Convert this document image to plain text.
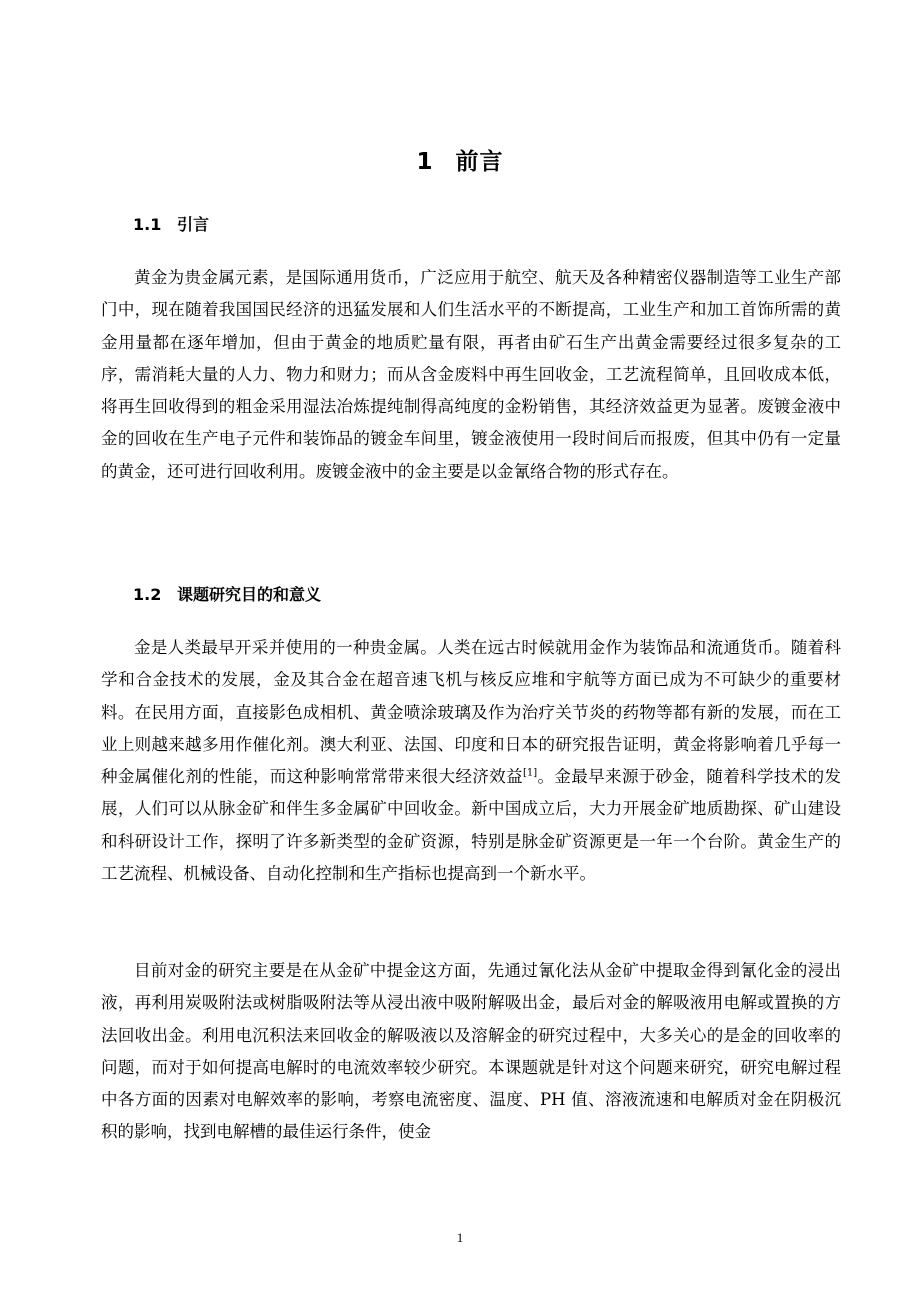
1 前言
1.1 引言

黄金为贵金属元素，是国际通用货币，广泛应用于航空、航天及各种精密仪器制造等工业生产部门中，现在随着我国国民经济的迅猛发展和人们生活水平的不断提高，工业生产和加工首饰所需的黄金用量都在逐年增加，但由于黄金的地质贮量有限，再者由矿石生产出黄金需要经过很多复杂的工序，需消耗大量的人力、物力和财力；而从含金废料中再生回收金，工艺流程简单，且回收成本低，将再生回收得到的粗金采用湿法冶炼提纯制得高纯度的金粉销售，其经济效益更为显著。废镀金液中金的回收在生产电子元件和装饰品的镀金车间里，镀金液使用一段时间后而报废，但其中仍有一定量的黄金，还可进行回收利用。废镀金液中的金主要是以金氰络合物的形式存在。

1.2 课题研究目的和意义

金是人类最早开采并使用的一种贵金属。人类在远古时候就用金作为装饰品和流通货币。随着科学和合金技术的发展，金及其合金在超音速飞机与核反应堆和宇航等方面已成为不可缺少的重要材料。在民用方面，直接影色成相机、黄金喷涂玻璃及作为治疗关节炎的药物等都有新的发展，而在工业上则越来越多用作催化剂。澳大利亚、法国、印度和日本的研究报告证明，黄金将影响着几乎每一种金属催化剂的性能，而这种影响常常带来很大经济效益[1]。金最早来源于砂金，随着科学技术的发展，人们可以从脉金矿和伴生多金属矿中回收金。新中国成立后，大力开展金矿地质勘探、矿山建设和科研设计工作，探明了许多新类型的金矿资源，特别是脉金矿资源更是一年一个台阶。黄金生产的工艺流程、机械设备、自动化控制和生产指标也提高到一个新水平。

目前对金的研究主要是在从金矿中提金这方面，先通过氰化法从金矿中提取金得到氰化金的浸出液，再利用炭吸附法或树脂吸附法等从浸出液中吸附解吸出金，最后对金的解吸液用电解或置换的方法回收出金。利用电沉积法来回收金的解吸液以及溶解金的研究过程中，大多关心的是金的回收率的问题，而对于如何提高电解时的电流效率较少研究。本课题就是针对这个问题来研究，研究电解过程中各方面的因素对电解效率的影响，考察电流密度、温度、PH 值、溶液流速和电解质对金在阴极沉积的影响，找到电解槽的最佳运行条件，使金

1
